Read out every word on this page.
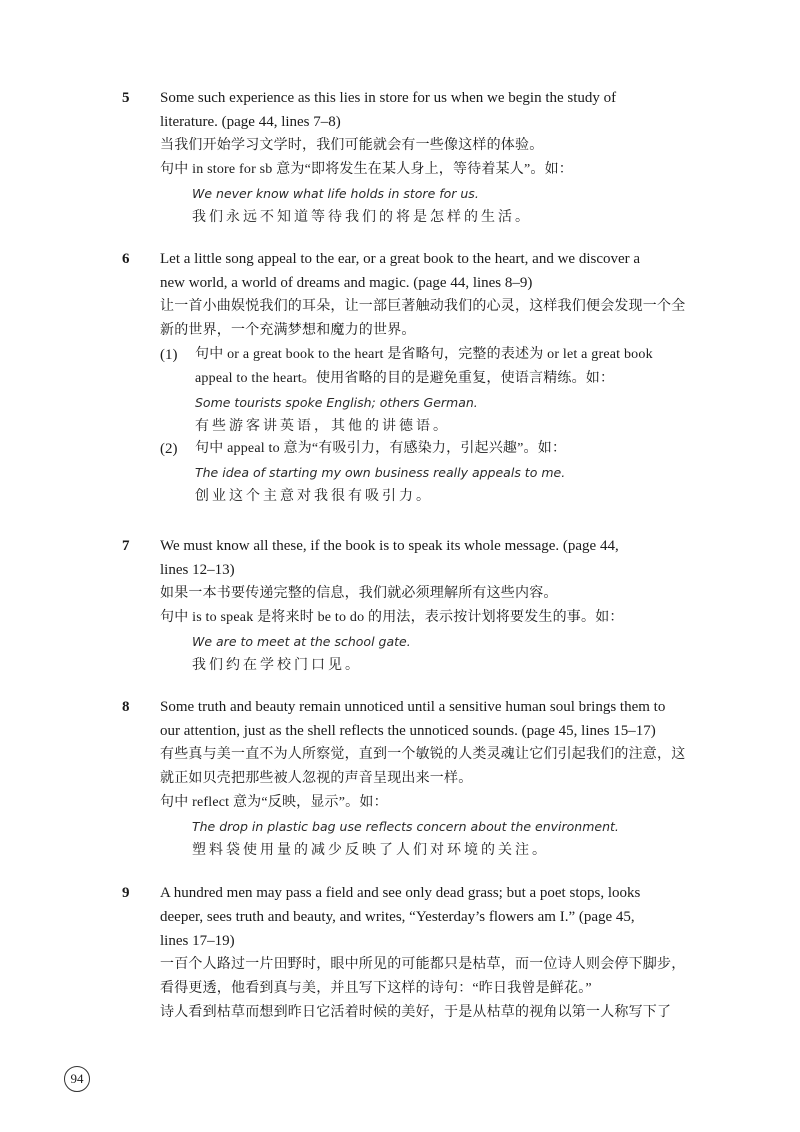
5 Some such experience as this lies in store for us when we begin the study of
literature. (page 44, lines 7–8)
当我们开始学习文学时，我们可能就会有一些像这样的体验。
句中 in store for sb 意为“即将发生在某人身上，等待着某人”。如：
We never know what life holds in store for us.
我们永远不知道等待我们的将是怎样的生活。
6 Let a little song appeal to the ear, or a great book to the heart, and we discover a
new world, a world of dreams and magic. (page 44, lines 8–9)
让一首小曲娱悦我们的耳朵，让一部巨著触动我们的心灵，这样我们便会发现一个全
新的世界，一个充满梦想和魔力的世界。
(1) 句中 or a great book to the heart 是省略句，完整的表述为 or let a great book
appeal to the heart。使用省略的目的是避免重复，使语言精练。如：
Some tourists spoke English; others German.
有些游客讲英语，其他的讲德语。
(2) 句中 appeal to 意为“有吸引力，有感染力，引起兴趣”。如：
The idea of starting my own business really appeals to me.
创业这个主意对我很有吸引力。
7 We must know all these, if the book is to speak its whole message. (page 44,
lines 12–13)
如果一本书要传递完整的信息，我们就必须理解所有这些内容。
句中 is to speak 是将来时 be to do 的用法，表示按计划将要发生的事。如：
We are to meet at the school gate.
我们约在学校门口见。
8 Some truth and beauty remain unnoticed until a sensitive human soul brings them to
our attention, just as the shell reflects the unnoticed sounds. (page 45, lines 15–17)
有些真与美一直不为人所察觉，直到一个敏锐的人类灵魂让它们引起我们的注意，这
就正如贝壳把那些被人忽视的声音呈现出来一样。
句中 reflect 意为“反映，显示”。如：
The drop in plastic bag use reflects concern about the environment.
塑料袋使用量的减少反映了人们对环境的关注。
9 A hundred men may pass a field and see only dead grass; but a poet stops, looks
deeper, sees truth and beauty, and writes, “Yesterday’s flowers am I.” (page 45,
lines 17–19)
一百个人路过一片田野时，眼中所见的可能都只是枯草，而一位诗人则会停下脚步，
看得更透，他看到真与美，并且写下这样的诗句：“昨日我曾是鲜花。”
诗人看到枯草而想到昨日它活着时候的美好，于是从枯草的视角以第一人称写下了
94
